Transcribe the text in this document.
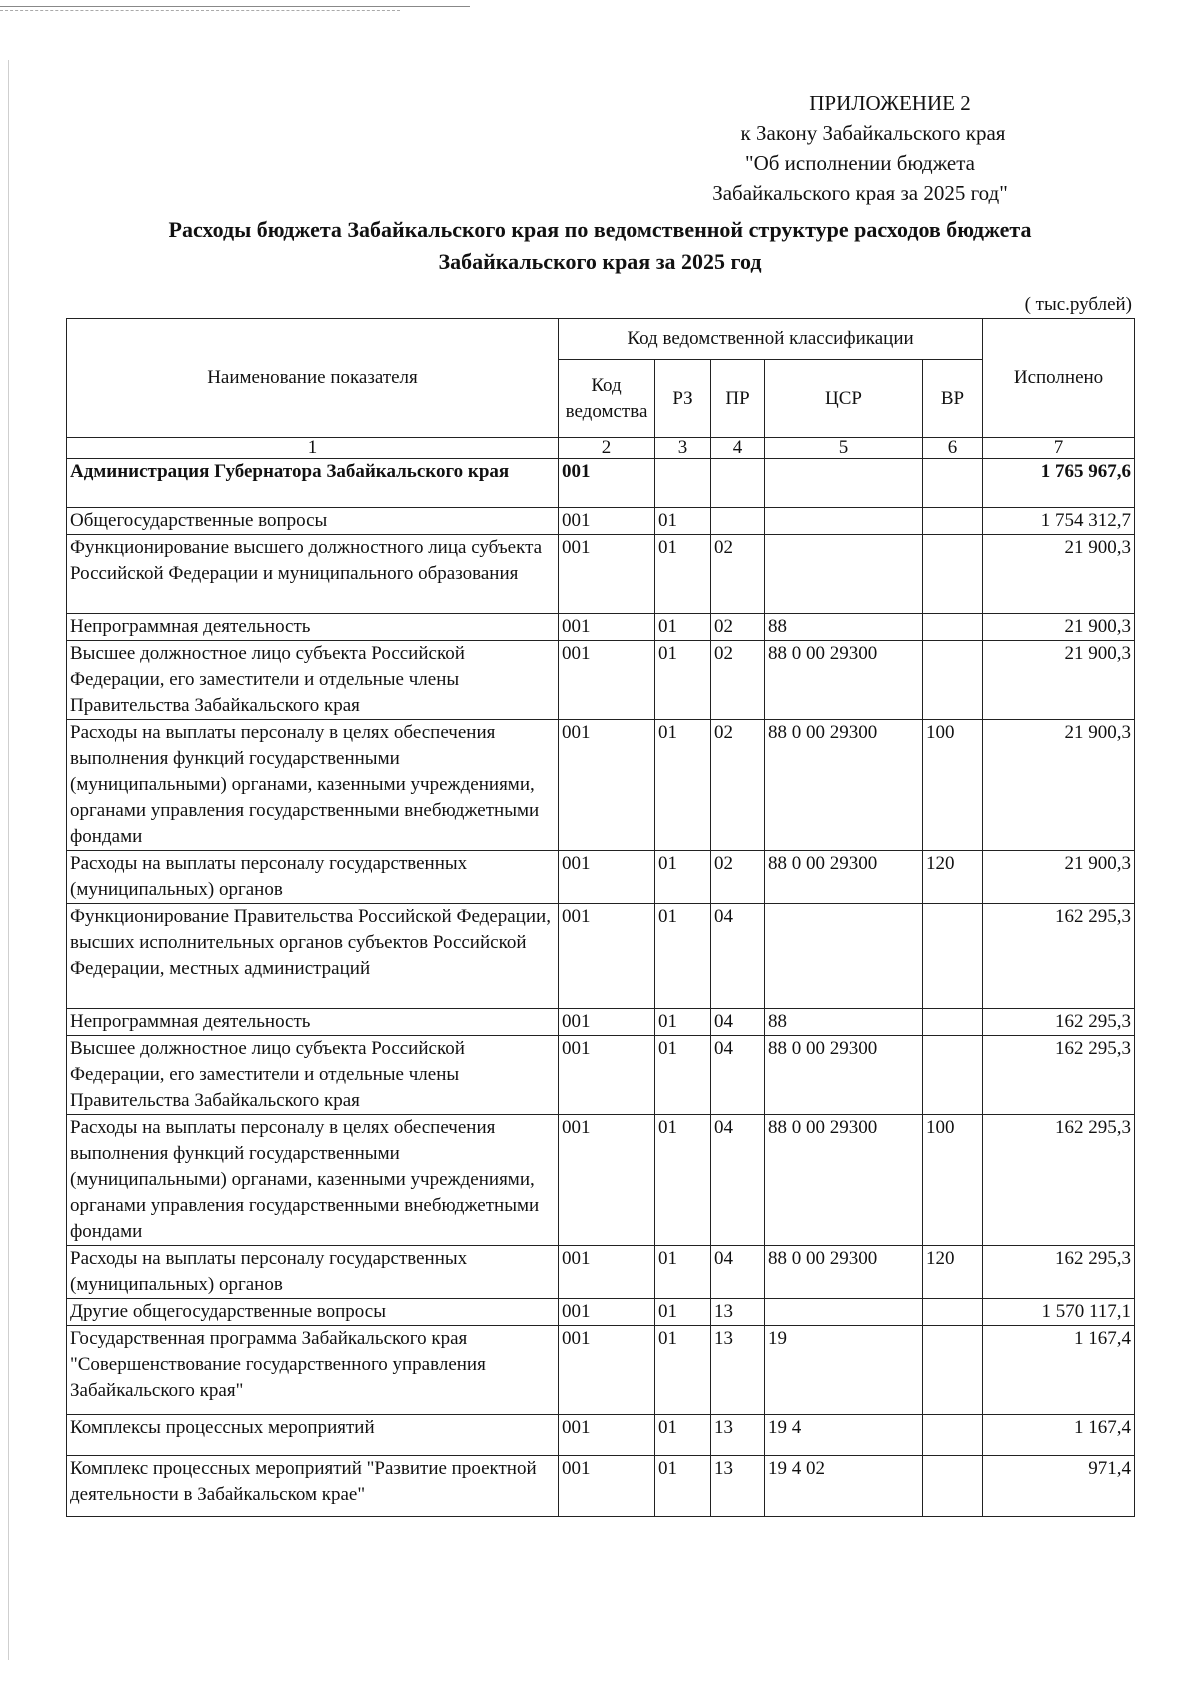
ПРИЛОЖЕНИЕ 2
к Закону Забайкальского края
"Об исполнении бюджета
Забайкальского края за 2025 год"
Расходы бюджета Забайкальского края по ведомственной структуре расходов бюджета
Забайкальского края за 2025 год
( тыс.рублей)
Наименование показателя	Код ведомственной классификации					Исполнено
	Код ведомства	РЗ	ПР	ЦСР	ВР	
1	2	3	4	5	6	7
Администрация Губернатора Забайкальского края	001					1 765 967,6
Общегосударственные вопросы	001	01				1 754 312,7
Функционирование высшего должностного лица субъекта Российской Федерации и муниципального образования	001	01	02			21 900,3
Непрограммная деятельность	001	01	02	88		21 900,3
Высшее должностное лицо субъекта Российской Федерации, его заместители и отдельные члены Правительства Забайкальского края	001	01	02	88 0 00 29300		21 900,3
Расходы на выплаты персоналу в целях обеспечения выполнения функций государственными (муниципальными) органами, казенными учреждениями, органами управления государственными внебюджетными фондами	001	01	02	88 0 00 29300	100	21 900,3
Расходы на выплаты персоналу государственных (муниципальных) органов	001	01	02	88 0 00 29300	120	21 900,3
Функционирование Правительства Российской Федерации, высших исполнительных органов субъектов Российской Федерации, местных администраций	001	01	04			162 295,3
Непрограммная деятельность	001	01	04	88		162 295,3
Высшее должностное лицо субъекта Российской Федерации, его заместители и отдельные члены Правительства Забайкальского края	001	01	04	88 0 00 29300		162 295,3
Расходы на выплаты персоналу в целях обеспечения выполнения функций государственными (муниципальными) органами, казенными учреждениями, органами управления государственными внебюджетными фондами	001	01	04	88 0 00 29300	100	162 295,3
Расходы на выплаты персоналу государственных (муниципальных) органов	001	01	04	88 0 00 29300	120	162 295,3
Другие общегосударственные вопросы	001	01	13			1 570 117,1
Государственная программа Забайкальского края "Совершенствование государственного управления Забайкальского края"	001	01	13	19		1 167,4
Комплексы процессных мероприятий	001	01	13	19 4		1 167,4
Комплекс процессных мероприятий "Развитие проектной деятельности в Забайкальском крае"	001	01	13	19 4 02		971,4
